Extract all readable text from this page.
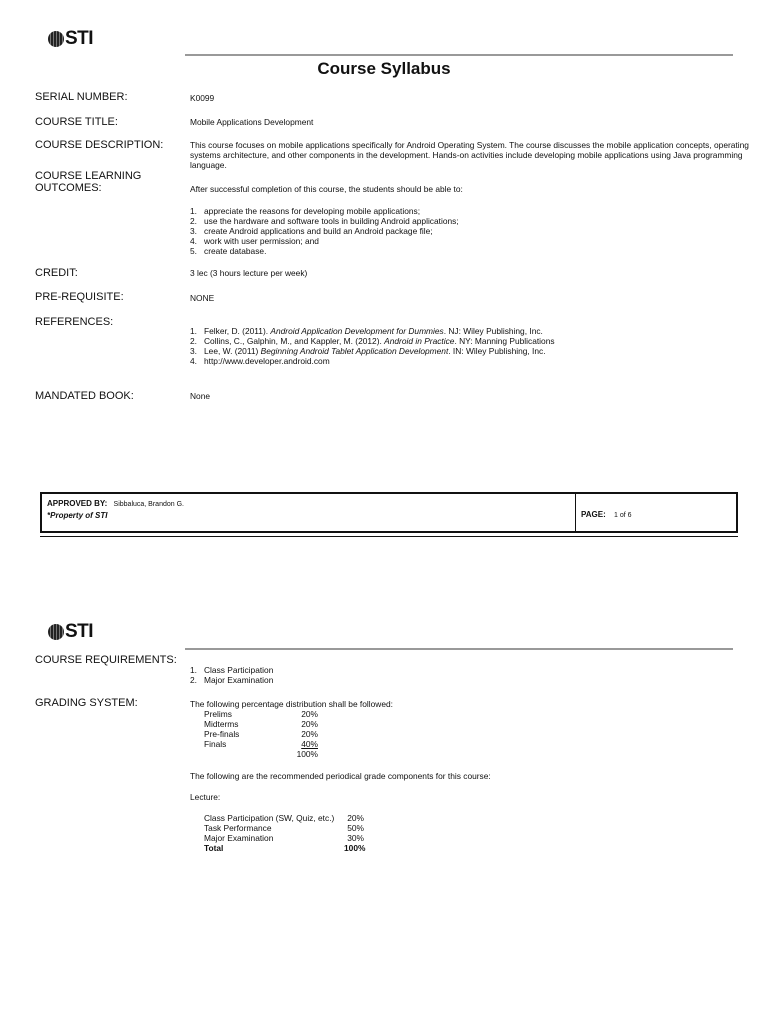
STI
Course Syllabus
SERIAL NUMBER:	K0099
COURSE TITLE:	Mobile Applications Development
COURSE DESCRIPTION:	This course focuses on mobile applications specifically for Android Operating System. The course discusses the mobile application concepts, operating systems architecture, and other components in the development. Hands-on activities include developing mobile applications using Java programming language.
COURSE LEARNING
OUTCOMES:	After successful completion of this course, the students should be able to:
1. appreciate the reasons for developing mobile applications;
2. use the hardware and software tools in building Android applications;
3. create Android applications and build an Android package file;
4. work with user permission; and
5. create database.
CREDIT:	3 lec (3 hours lecture per week)
PRE-REQUISITE:	NONE
REFERENCES:
1. Felker, D. (2011). Android Application Development for Dummies. NJ: Wiley Publishing, Inc.
2. Collins, C., Galphin, M., and Kappler, M. (2012). Android in Practice. NY: Manning Publications
3. Lee, W. (2011) Beginning Android Tablet Application Development. IN: Wiley Publishing, Inc.
4. http://www.developer.android.com
MANDATED BOOK:	None
APPROVED BY: Sibbaluca, Brandon G.
*Property of STI	PAGE: 1 of 6
STI
COURSE REQUIREMENTS:
1. Class Participation
2. Major Examination
GRADING SYSTEM:	The following percentage distribution shall be followed:
Prelims	20%
Midterms	20%
Pre-finals	20%
Finals	40%
100%
The following are the recommended periodical grade components for this course:
Lecture:
Class Participation (SW, Quiz, etc.)	20%
Task Performance	50%
Major Examination	30%
Total	100%
